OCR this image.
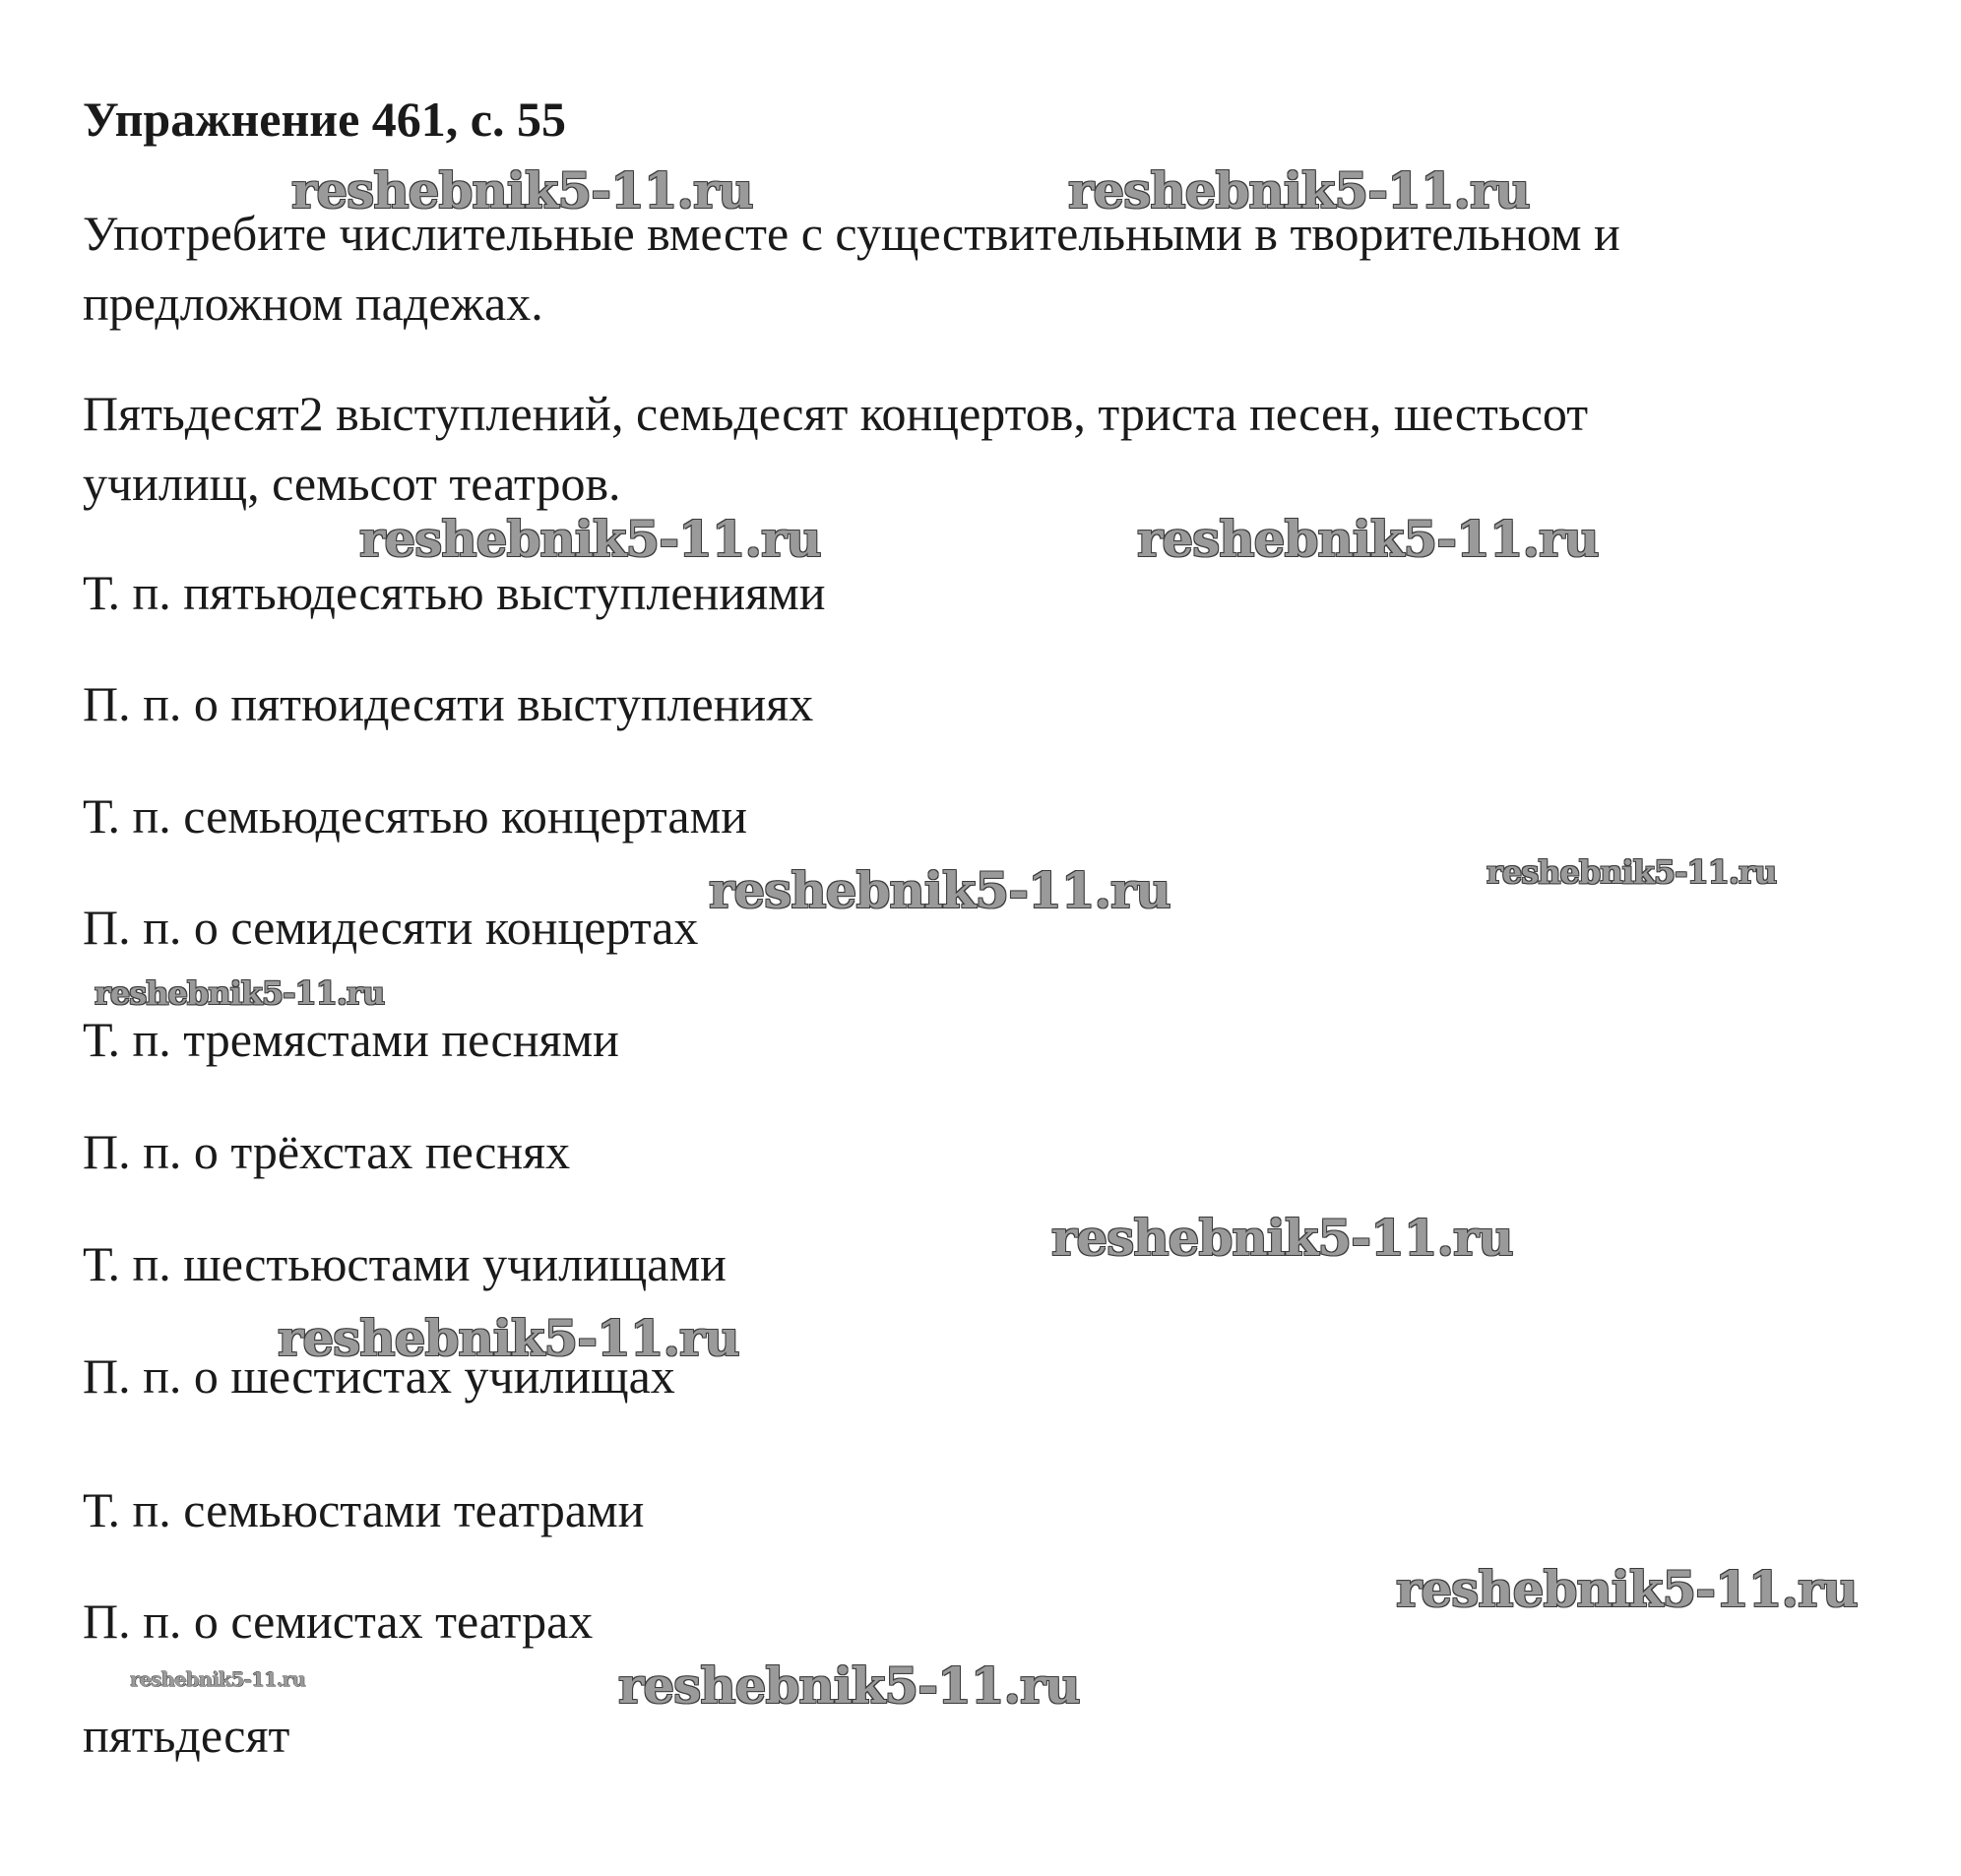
Упражнение 461, с. 55
Употребите числительные вместе с существительными в творительном и
предложном падежах.
Пятьдесят2 выступлений, семьдесят концертов, триста песен, шестьсот
училищ, семьсот театров.
Т. п. пятьюдесятью выступлениями
П. п. о пятюидесяти выступлениях
Т. п. семьюдесятью концертами
П. п. о семидесяти концертах
Т. п. тремястами песнями
П. п. о трёхстах песнях
Т. п. шестьюстами училищами
П. п. о шестистах училищах
Т. п. семьюстами театрами
П. п. о семистах театрах
пятьдесят
reshebnik5-11.ru	reshebnik5-11.ru
reshebnik5-11.ru	reshebnik5-11.ru
reshebnik5-11.ru	reshebnik5-11.ru
reshebnik5-11.ru
reshebnik5-11.ru
reshebnik5-11.ru
reshebnik5-11.ru
reshebnik5-11.ru	reshebnik5-11.ru
